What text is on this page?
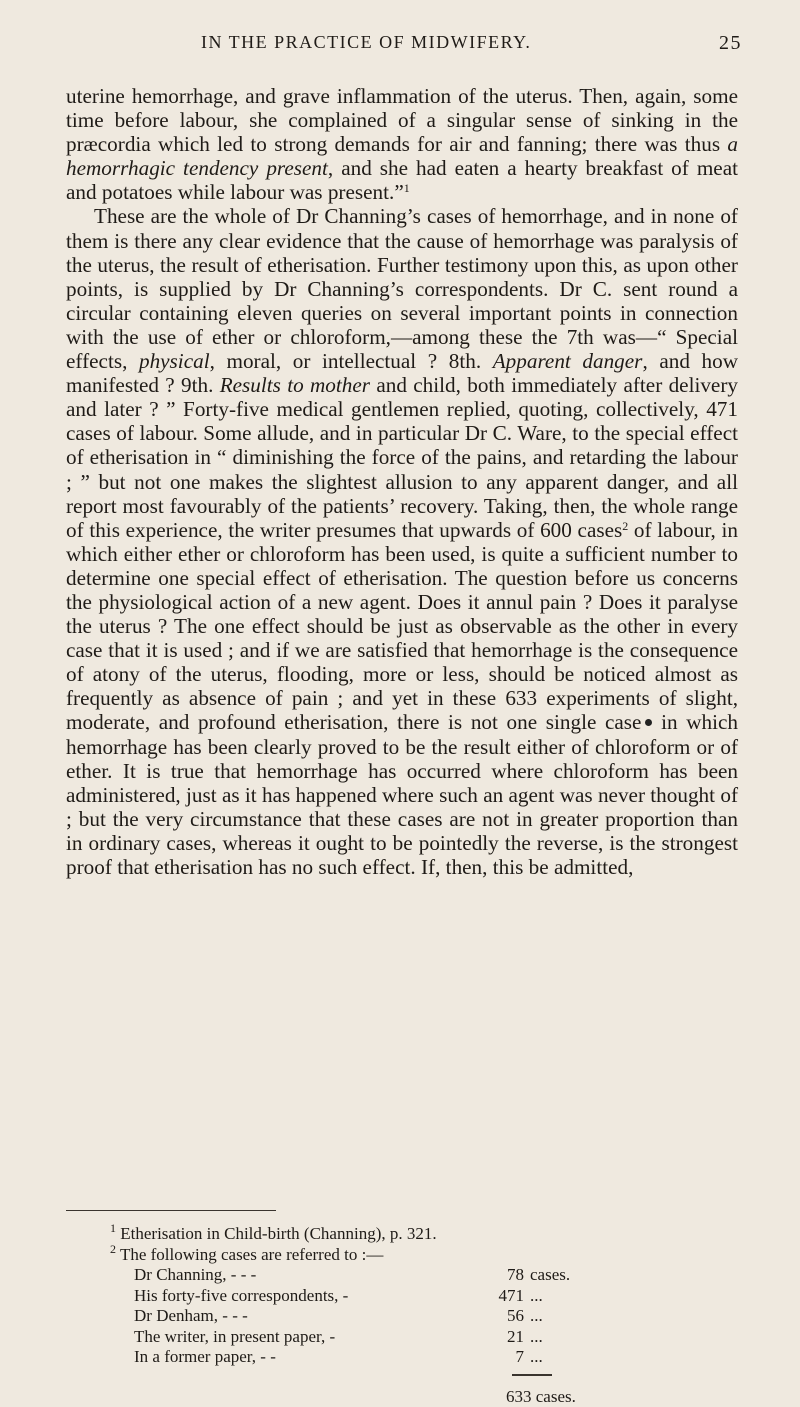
IN THE PRACTICE OF MIDWIFERY.	25

uterine hemorrhage, and grave inflammation of the uterus. Then, again, some time before labour, she complained of a singular sense of sinking in the præcordia which led to strong demands for air and fanning; there was thus a hemorrhagic tendency present, and she had eaten a hearty breakfast of meat and potatoes while labour was present.”$^1$

These are the whole of Dr Channing’s cases of hemorrhage, and in none of them is there any clear evidence that the cause of hemorrhage was paralysis of the uterus, the result of etherisation. Further testimony upon this, as upon other points, is supplied by Dr Channing’s correspondents. Dr C. sent round a circular containing eleven queries on several important points in connection with the use of ether or chloroform,—among these the 7th was—“ Special effects, physical, moral, or intellectual ? 8th. Apparent danger, and how manifested ? 9th. Results to mother and child, both immediately after delivery and later ? ” Forty-five medical gentlemen replied, quoting, collectively, 471 cases of labour. Some allude, and in particular Dr C. Ware, to the special effect of etherisation in “ diminishing the force of the pains, and retarding the labour ; ” but not one makes the slightest allusion to any apparent danger, and all report most favourably of the patients’ recovery. Taking, then, the whole range of this experience, the writer presumes that upwards of 600 cases$^2$ of labour, in which either ether or chloroform has been used, is quite a sufficient number to determine one special effect of etherisation. The question before us concerns the physiological action of a new agent. Does it annul pain ? Does it paralyse the uterus ? The one effect should be just as observable as the other in every case that it is used ; and if we are satisfied that hemorrhage is the consequence of atony of the uterus, flooding, more or less, should be noticed almost as frequently as absence of pain ; and yet in these 633 experiments of slight, moderate, and profound etherisation, there is not one single case in which hemorrhage has been clearly proved to be the result either of chloroform or of ether. It is true that hemorrhage has occurred where chloroform has been administered, just as it has happened where such an agent was never thought of ; but the very circumstance that these cases are not in greater proportion than in ordinary cases, whereas it ought to be pointedly the reverse, is the strongest proof that etherisation has no such effect. If, then, this be admitted,

$^1$ Etherisation in Child-birth (Channing), p. 321.

$^2$ The following cases are referred to :—

Dr Channing, - - -	78 cases.
His forty-five correspondents, -	471 ...
Dr Denham, - - -	56 ...
The writer, in present paper, -	21 ...
In a former paper, - -	7 ...
633 cases.
